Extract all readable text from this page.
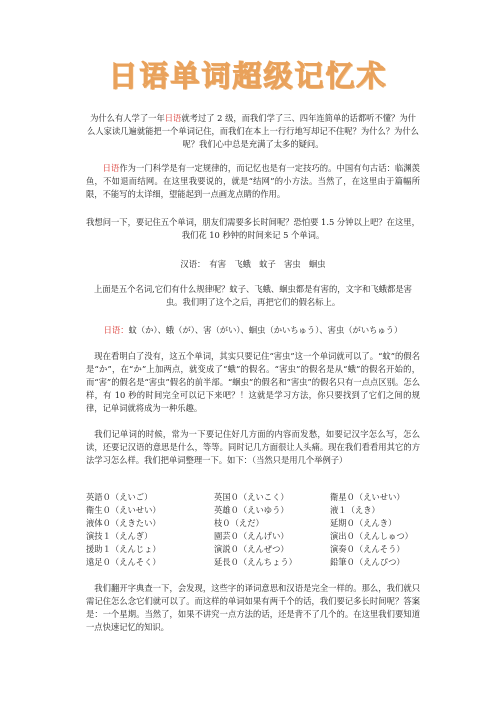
日语单词超级记忆术
为什么有人学了一年日语就考过了 2 级，而我们学了三、四年连简单的话都听不懂？为什么人家读几遍就能把一个单词记住，而我们在本上一行行地写却记不住呢？为什么？为什么呢？我们心中总是充满了太多的疑问。
日语作为一门科学是有一定规律的，而记忆也是有一定技巧的。中国有句古话：临渊羡鱼，不如退而结网。在这里我要说的，就是“结网”的小方法。当然了，在这里由于篇幅所限，不能写的太详细，望能起到一点画龙点睛的作用。
我想问一下，要记住五个单词，朋友们需要多长时间呢？恐怕要 1.5 分钟以上吧？在这里，我们花 10 秒钟的时间来记 5 个单词。
汉语：　有害　飞蛾　蚊子　害虫　蛔虫
上面是五个名词,它们有什么规律呢？蚊子、飞蛾、蛔虫都是有害的，文字和飞蛾都是害虫。我们明了这个之后，再把它们的假名标上。
日语：蚊（か）、蛾（が）、害（がい）、蛔虫（かいちゅう）、害虫（がいちゅう）
现在看明白了没有，这五个单词，其实只要记住“害虫”这一个单词就可以了。“蚊”的假名是“か”，在“か”上加两点，就变成了“蛾”的假名。“害虫”的假名是从“蛾”的假名开始的，而“害”的假名是“害虫”假名的前半部。“蛔虫”的假名和“害虫”的假名只有一点点区别。怎么样，有 10 秒的时间完全可以记下来吧？！这就是学习方法，你只要找到了它们之间的规律，记单词就将成为一种乐趣。
我们记单词的时候，常为一下要记住好几方面的内容而发愁，如要记汉字怎么写，怎么读，还要记汉语的意思是什么，等等。同时记几方面很让人头痛。现在我们看看用其它的方法学习怎么样。我们把单词整理一下。如下：（当然只是用几个举例子）
英語０（えいご）	英国０（えいこく）	衛星０（えいせい）
衛生０（えいせい）	英雄０（えいゆう）	液１（えき）
液体０（えきたい）	枝０（えだ）	延期０（えんき）
演技１（えんぎ）	園芸０（えんげい）	演出０（えんしゅつ）
援助１（えんじょ）	演説０（えんぜつ）	演奏０（えんそう）
遠足０（えんそく）	延長０（えんちょう）	鉛筆０（えんぴつ）
我们翻开字典查一下，会发现，这些字的译词意思和汉语是完全一样的。那么，我们就只需记住怎么念它们就可以了。而这样的单词如果有两千个的话，我们要记多长时间呢？答案是：一个星期。当然了，如果不讲究一点方法的话，还是背不了几个的。在这里我们要知道一点快速记忆的知识。
